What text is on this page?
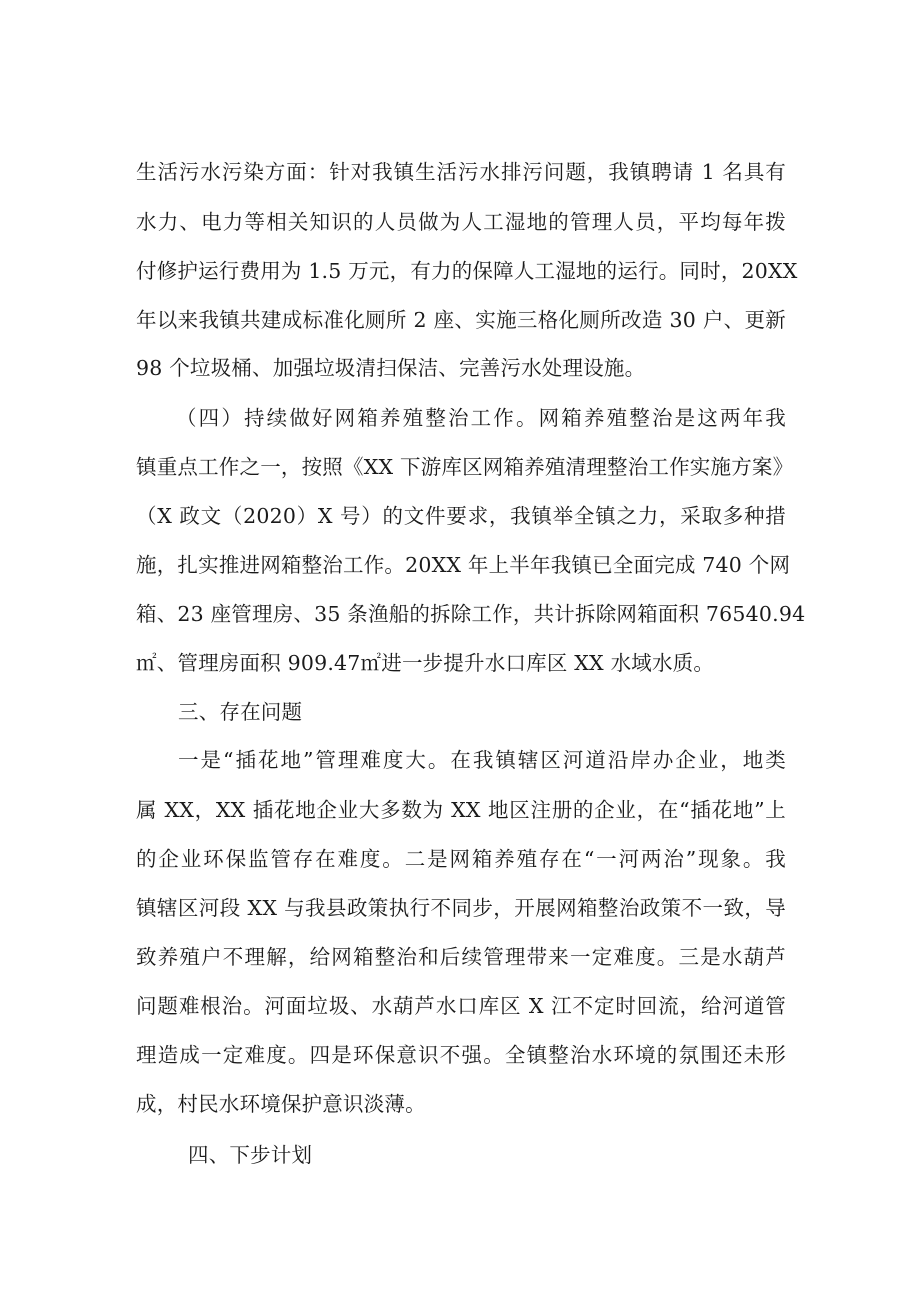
生活污水污染方面：针对我镇生活污水排污问题，我镇聘请 1 名具有
水力、电力等相关知识的人员做为人工湿地的管理人员，平均每年拨
付修护运行费用为 1.5 万元，有力的保障人工湿地的运行。同时，20XX
年以来我镇共建成标准化厕所 2 座、实施三格化厕所改造 30 户、更新
98 个垃圾桶、加强垃圾清扫保洁、完善污水处理设施。
（四）持续做好网箱养殖整治工作。网箱养殖整治是这两年我
镇重点工作之一，按照《XX 下游库区网箱养殖清理整治工作实施方案》
（X 政文（2020）X 号）的文件要求，我镇举全镇之力，采取多种措
施，扎实推进网箱整治工作。20XX 年上半年我镇已全面完成 740 个网
箱、23 座管理房、35 条渔船的拆除工作，共计拆除网箱面积 76540.94
㎡、管理房面积 909.47㎡进一步提升水口库区 XX 水域水质。
三、存在问题
一是“插花地”管理难度大。在我镇辖区河道沿岸办企业，地类
属 XX，XX 插花地企业大多数为 XX 地区注册的企业，在“插花地”上
的企业环保监管存在难度。二是网箱养殖存在“一河两治”现象。我
镇辖区河段 XX 与我县政策执行不同步，开展网箱整治政策不一致，导
致养殖户不理解，给网箱整治和后续管理带来一定难度。三是水葫芦
问题难根治。河面垃圾、水葫芦水口库区 X 江不定时回流，给河道管
理造成一定难度。四是环保意识不强。全镇整治水环境的氛围还未形
成，村民水环境保护意识淡薄。
四、下步计划
